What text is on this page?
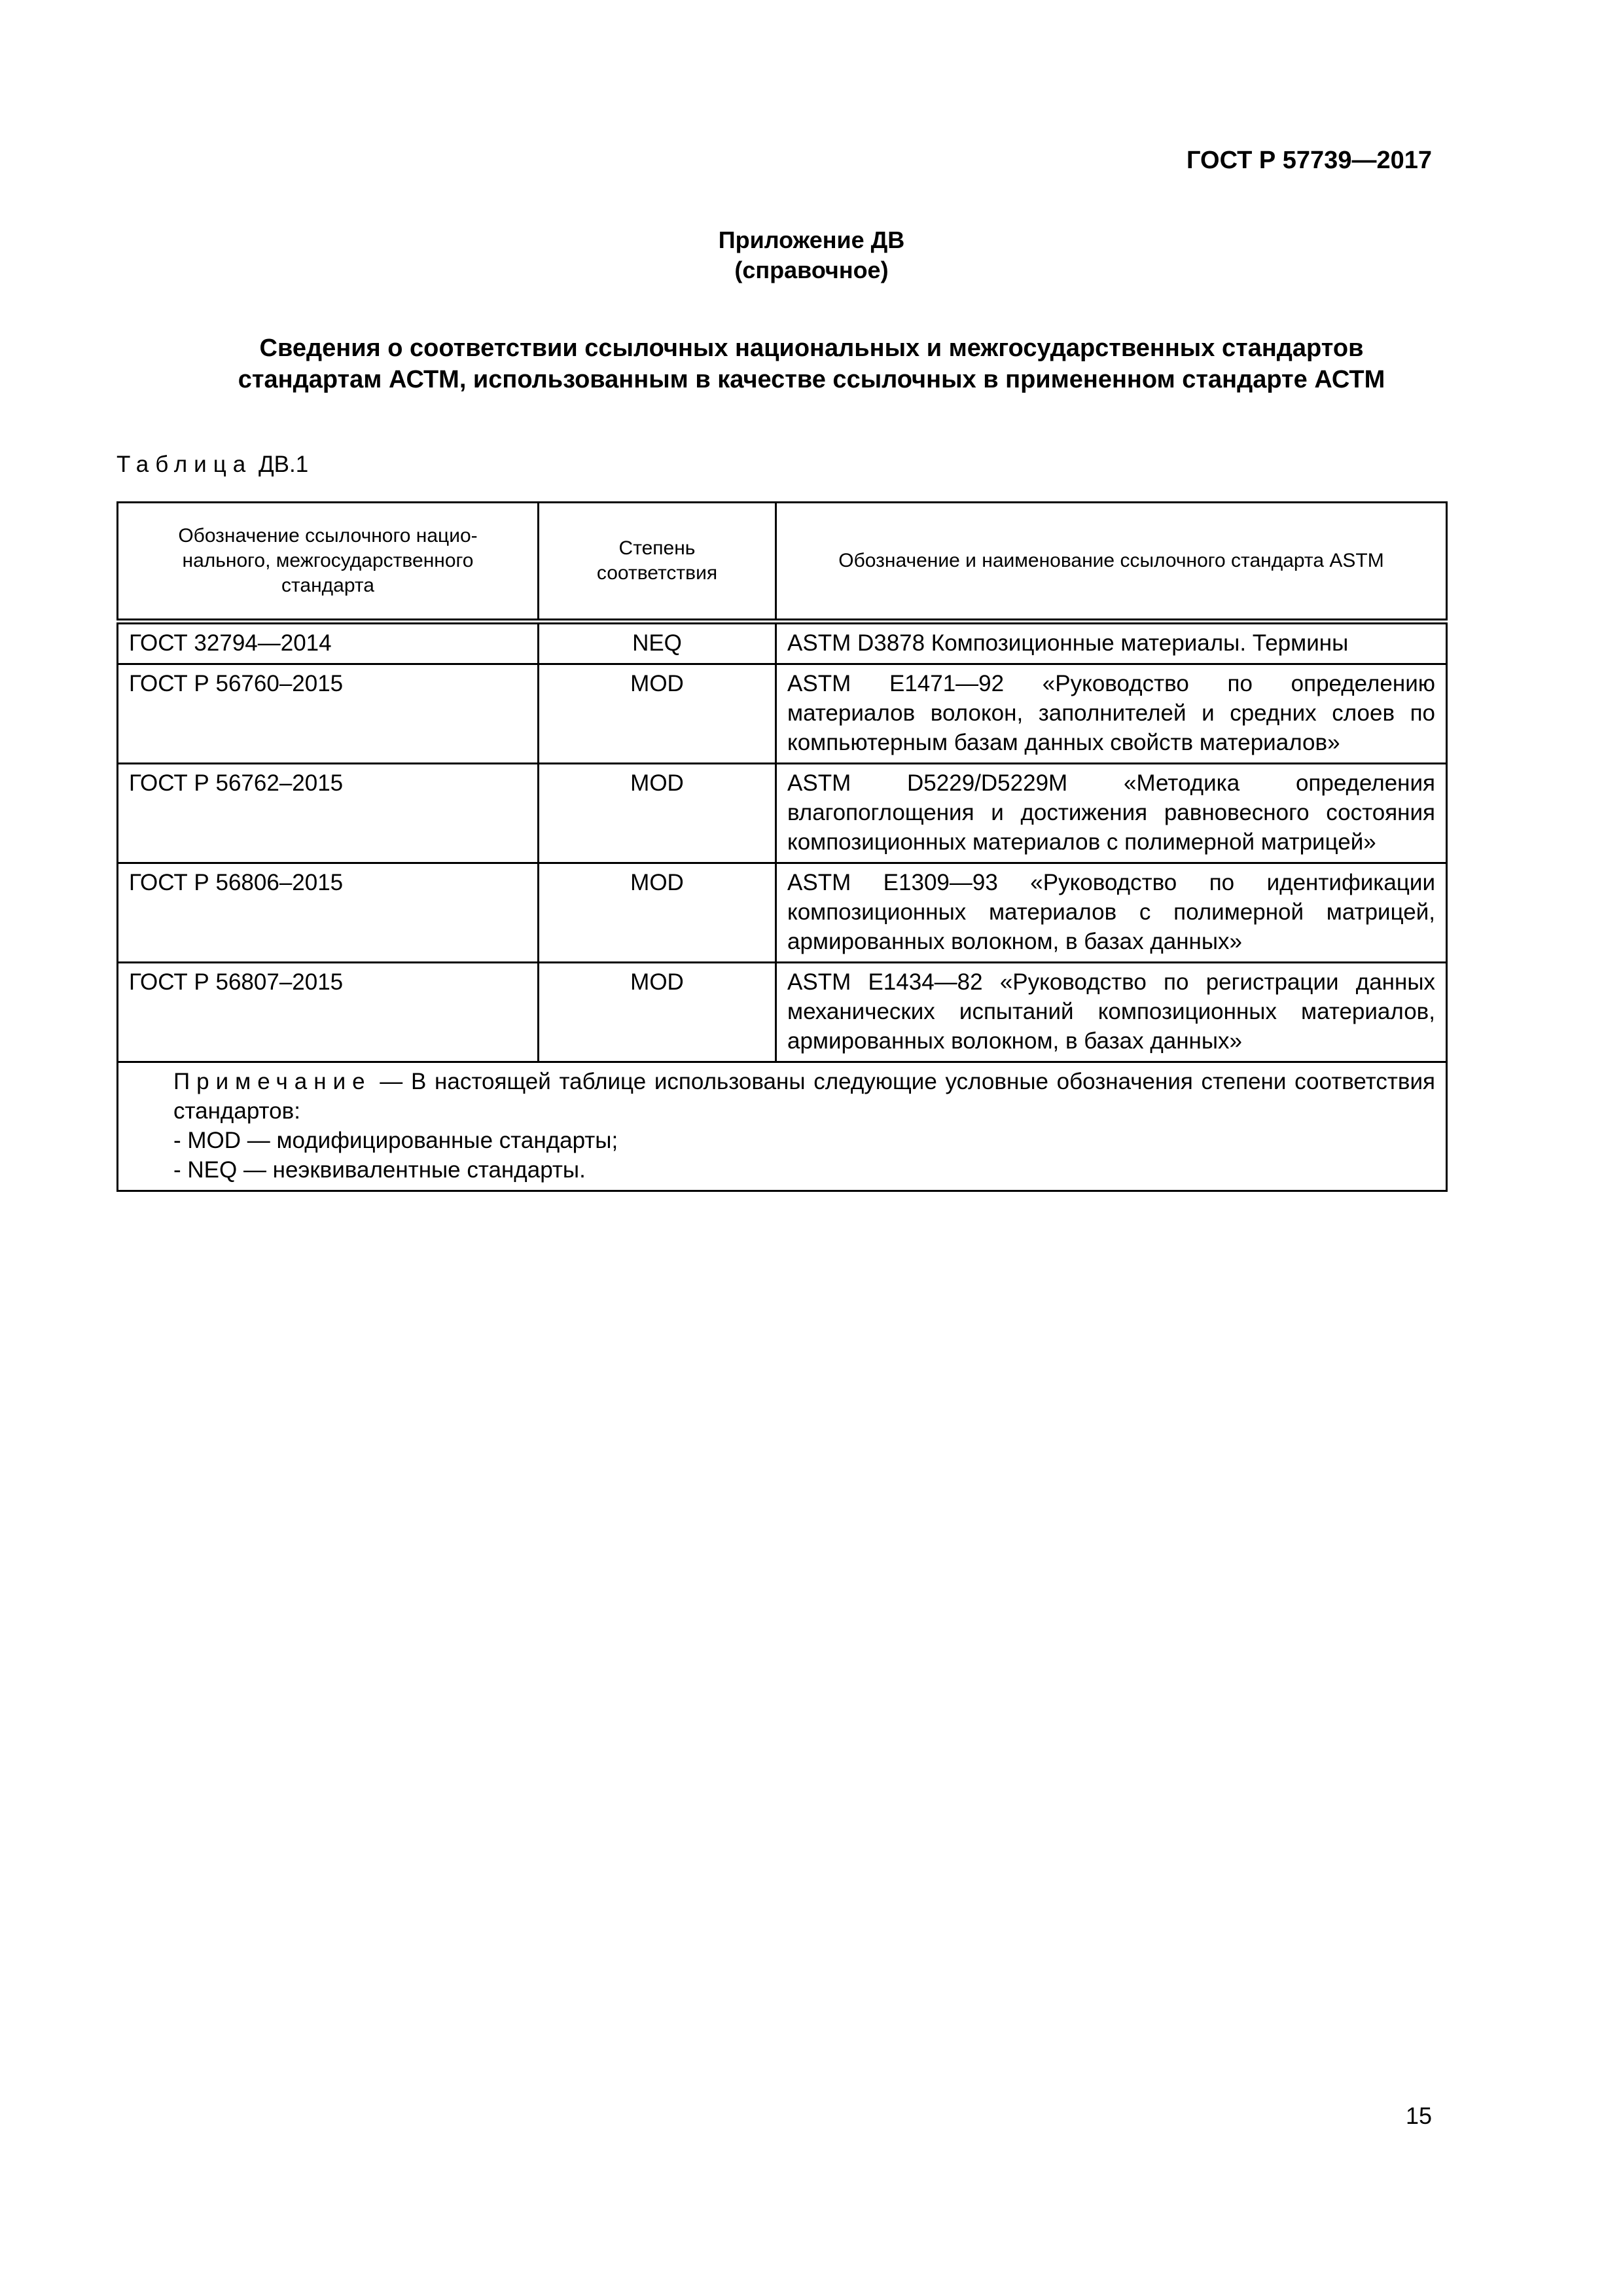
ГОСТ Р 57739—2017
Приложение ДВ
(справочное)
Сведения о соответствии ссылочных национальных и межгосударственных стандартов
стандартам АСТМ, использованным в качестве ссылочных в примененном стандарте АСТМ
Таблица ДВ.1
Обозначение ссылочного нацио-нального, межгосударственного стандарта	Степень соответствия	Обозначение и наименование ссылочного стандарта ASTM
ГОСТ 32794—2014	NEQ	ASTM D3878 Композиционные материалы. Термины
ГОСТ Р 56760–2015	MOD	ASTM E1471—92 «Руководство по определению материалов волокон, заполнителей и средних слоев по компьютерным базам данных свойств материалов»
ГОСТ Р 56762–2015	MOD	ASTM D5229/D5229M «Методика определения влагопоглощения и достижения равновесного состояния композиционных материалов с полимерной матрицей»
ГОСТ Р 56806–2015	MOD	ASTM E1309—93 «Руководство по идентификации композиционных материалов с полимерной матрицей, армированных волокном, в базах данных»
ГОСТ Р 56807–2015	MOD	ASTM E1434—82 «Руководство по регистрации данных механических испытаний композиционных материалов, армированных волокном, в базах данных»

Примечание — В настоящей таблице использованы следующие условные обозначения степени соответствия стандартов:
- MOD — модифицированные стандарты;
- NEQ — неэквивалентные стандарты.		
15
